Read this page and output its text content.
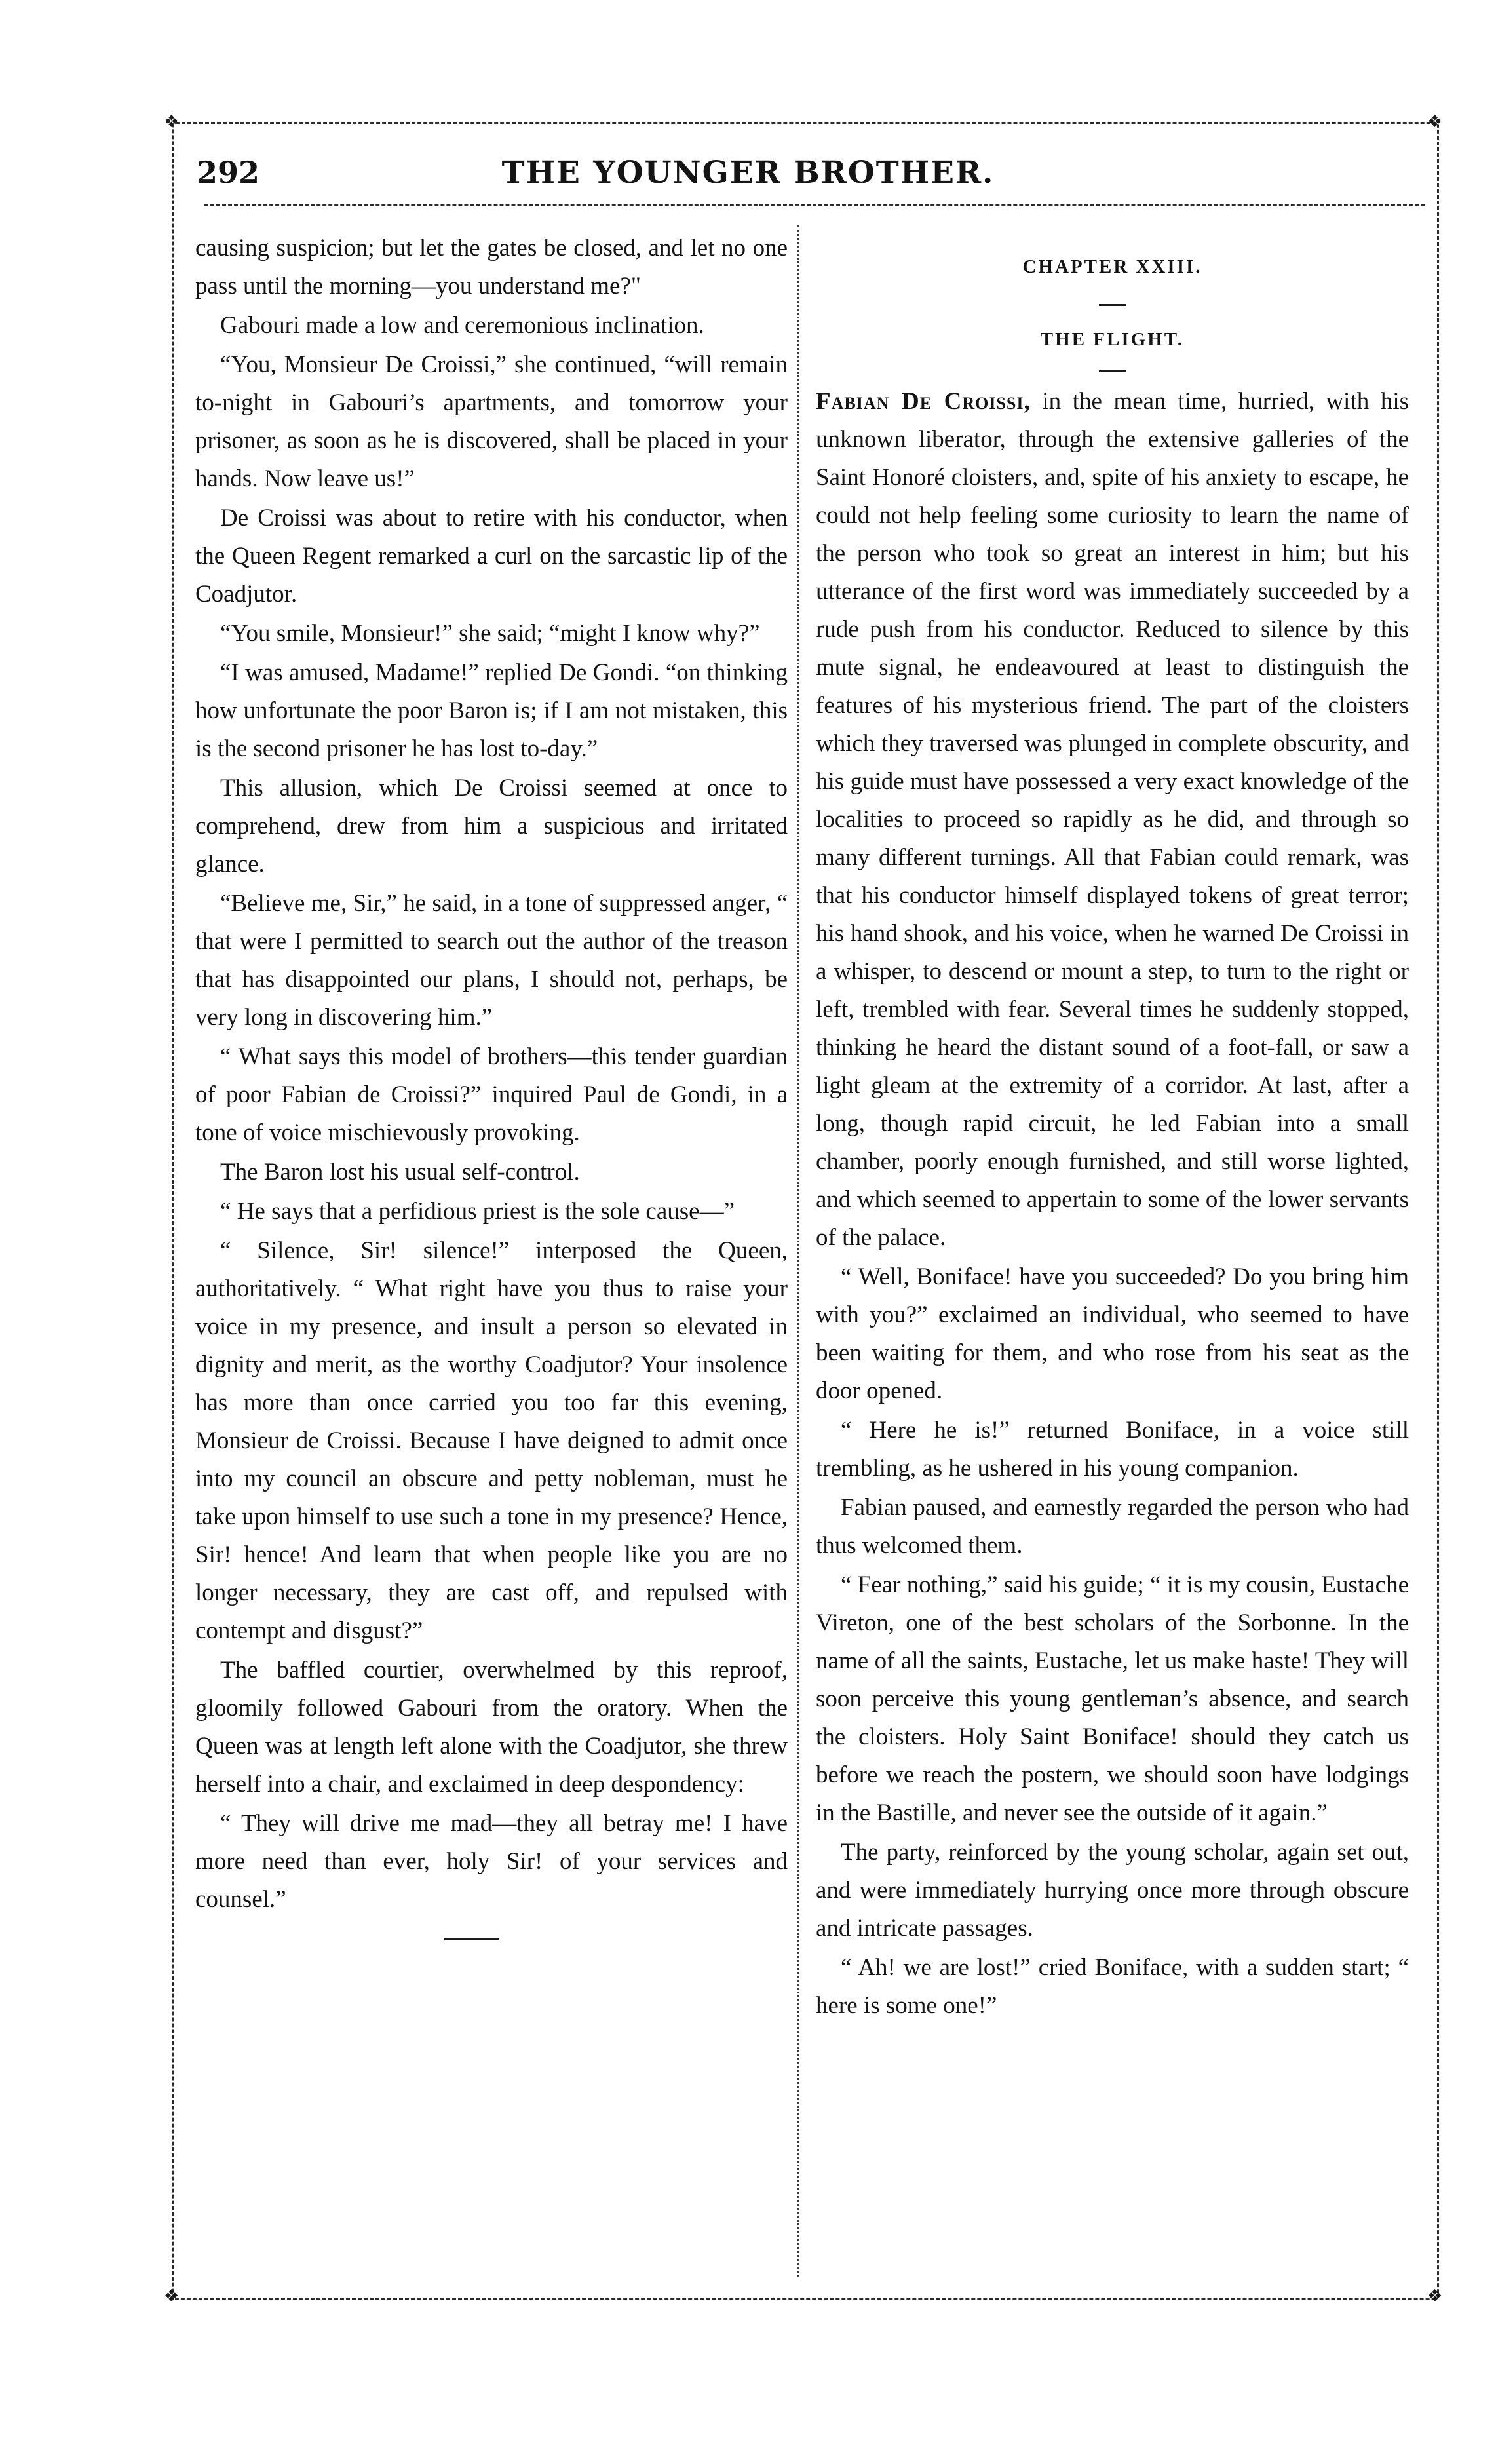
❖	❖
❖	❖
292	THE YOUNGER BROTHER.

causing suspicion; but let the gates be closed, and let no one pass until the morning—you understand me?"

Gabouri made a low and ceremonious inclination.

“You, Monsieur De Croissi,” she continued, “will remain to-night in Gabouri’s apartments, and tomorrow your prisoner, as soon as he is discovered, shall be placed in your hands. Now leave us!”

De Croissi was about to retire with his conductor, when the Queen Regent remarked a curl on the sarcastic lip of the Coadjutor.

“You smile, Monsieur!” she said; “might I know why?”

“I was amused, Madame!” replied De Gondi. “on thinking how unfortunate the poor Baron is; if I am not mistaken, this is the second prisoner he has lost to-day.”

This allusion, which De Croissi seemed at once to comprehend, drew from him a suspicious and irritated glance.

“Believe me, Sir,” he said, in a tone of suppressed anger, “ that were I permitted to search out the author of the treason that has disappointed our plans, I should not, perhaps, be very long in discovering him.”

“ What says this model of brothers—this tender guardian of poor Fabian de Croissi?” inquired Paul de Gondi, in a tone of voice mischievously provoking.

The Baron lost his usual self-control.

“ He says that a perfidious priest is the sole cause—”

“ Silence, Sir! silence!” interposed the Queen, authoritatively. “ What right have you thus to raise your voice in my presence, and insult a person so elevated in dignity and merit, as the worthy Coadjutor? Your insolence has more than once carried you too far this evening, Monsieur de Croissi. Because I have deigned to admit once into my council an obscure and petty nobleman, must he take upon himself to use such a tone in my presence? Hence, Sir! hence! And learn that when people like you are no longer necessary, they are cast off, and repulsed with contempt and disgust?”

The baffled courtier, overwhelmed by this reproof, gloomily followed Gabouri from the oratory. When the Queen was at length left alone with the Coadjutor, she threw herself into a chair, and exclaimed in deep despondency:

“ They will drive me mad—they all betray me! I have more need than ever, holy Sir! of your services and counsel.”

CHAPTER XXIII.
THE FLIGHT.

Fabian De Croissi, in the mean time, hurried, with his unknown liberator, through the extensive galleries of the Saint Honoré cloisters, and, spite of his anxiety to escape, he could not help feeling some curiosity to learn the name of the person who took so great an interest in him; but his utterance of the first word was immediately succeeded by a rude push from his conductor. Reduced to silence by this mute signal, he endeavoured at least to distinguish the features of his mysterious friend. The part of the cloisters which they traversed was plunged in complete obscurity, and his guide must have possessed a very exact knowledge of the localities to proceed so rapidly as he did, and through so many different turnings. All that Fabian could remark, was that his conductor himself displayed tokens of great terror; his hand shook, and his voice, when he warned De Croissi in a whisper, to descend or mount a step, to turn to the right or left, trembled with fear. Several times he suddenly stopped, thinking he heard the distant sound of a foot-fall, or saw a light gleam at the extremity of a corridor. At last, after a long, though rapid circuit, he led Fabian into a small chamber, poorly enough furnished, and still worse lighted, and which seemed to appertain to some of the lower servants of the palace.

“ Well, Boniface! have you succeeded? Do you bring him with you?” exclaimed an individual, who seemed to have been waiting for them, and who rose from his seat as the door opened.

“ Here he is!” returned Boniface, in a voice still trembling, as he ushered in his young companion.

Fabian paused, and earnestly regarded the person who had thus welcomed them.

“ Fear nothing,” said his guide; “ it is my cousin, Eustache Vireton, one of the best scholars of the Sorbonne. In the name of all the saints, Eustache, let us make haste! They will soon perceive this young gentleman’s absence, and search the cloisters. Holy Saint Boniface! should they catch us before we reach the postern, we should soon have lodgings in the Bastille, and never see the outside of it again.”

The party, reinforced by the young scholar, again set out, and were immediately hurrying once more through obscure and intricate passages.

“ Ah! we are lost!” cried Boniface, with a sudden start; “ here is some one!”
